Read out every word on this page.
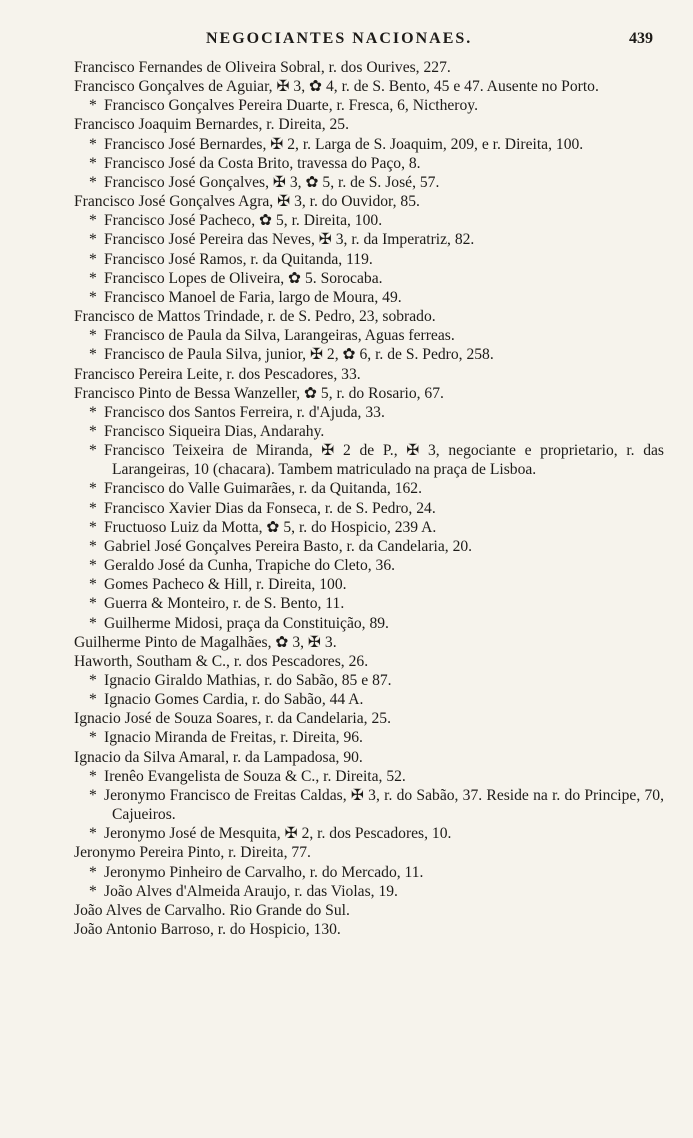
NEGOCIANTES NACIONAES.	439
Francisco Fernandes de Oliveira Sobral, r. dos Ourives, 227.
Francisco Gonçalves de Aguiar, ✠ 3, ✿ 4, r. de S. Bento, 45 e 47. Ausente no Porto.
* Francisco Gonçalves Pereira Duarte, r. Fresca, 6, Nictheroy.
Francisco Joaquim Bernardes, r. Direita, 25.
* Francisco José Bernardes, ✠ 2, r. Larga de S. Joaquim, 209, e r. Direita, 100.
* Francisco José da Costa Brito, travessa do Paço, 8.
* Francisco José Gonçalves, ✠ 3, ✿ 5, r. de S. José, 57.
Francisco José Gonçalves Agra, ✠ 3, r. do Ouvidor, 85.
* Francisco José Pacheco, ✿ 5, r. Direita, 100.
* Francisco José Pereira das Neves, ✠ 3, r. da Imperatriz, 82.
* Francisco José Ramos, r. da Quitanda, 119.
* Francisco Lopes de Oliveira, ✿ 5. Sorocaba.
* Francisco Manoel de Faria, largo de Moura, 49.
Francisco de Mattos Trindade, r. de S. Pedro, 23, sobrado.
* Francisco de Paula da Silva, Larangeiras, Aguas ferreas.
* Francisco de Paula Silva, junior, ✠ 2, ✿ 6, r. de S. Pedro, 258.
Francisco Pereira Leite, r. dos Pescadores, 33.
Francisco Pinto de Bessa Wanzeller, ✿ 5, r. do Rosario, 67.
* Francisco dos Santos Ferreira, r. d'Ajuda, 33.
* Francisco Siqueira Dias, Andarahy.
* Francisco Teixeira de Miranda, ✠ 2 de P., ✠ 3, negociante e proprietario, r. das Larangeiras, 10 (chacara). Tambem matriculado na praça de Lisboa.
* Francisco do Valle Guimarães, r. da Quitanda, 162.
* Francisco Xavier Dias da Fonseca, r. de S. Pedro, 24.
* Fructuoso Luiz da Motta, ✿ 5, r. do Hospicio, 239 A.
* Gabriel José Gonçalves Pereira Basto, r. da Candelaria, 20.
* Geraldo José da Cunha, Trapiche do Cleto, 36.
* Gomes Pacheco & Hill, r. Direita, 100.
* Guerra & Monteiro, r. de S. Bento, 11.
* Guilherme Midosi, praça da Constituição, 89.
Guilherme Pinto de Magalhães, ✿ 3, ✠ 3.
Haworth, Southam & C., r. dos Pescadores, 26.
* Ignacio Giraldo Mathias, r. do Sabão, 85 e 87.
* Ignacio Gomes Cardia, r. do Sabão, 44 A.
Ignacio José de Souza Soares, r. da Candelaria, 25.
* Ignacio Miranda de Freitas, r. Direita, 96.
Ignacio da Silva Amaral, r. da Lampadosa, 90.
* Irenêo Evangelista de Souza & C., r. Direita, 52.
* Jeronymo Francisco de Freitas Caldas, ✠ 3, r. do Sabão, 37. Reside na r. do Principe, 70, Cajueiros.
* Jeronymo José de Mesquita, ✠ 2, r. dos Pescadores, 10.
Jeronymo Pereira Pinto, r. Direita, 77.
* Jeronymo Pinheiro de Carvalho, r. do Mercado, 11.
* João Alves d'Almeida Araujo, r. das Violas, 19.
João Alves de Carvalho. Rio Grande do Sul.
João Antonio Barroso, r. do Hospicio, 130.
